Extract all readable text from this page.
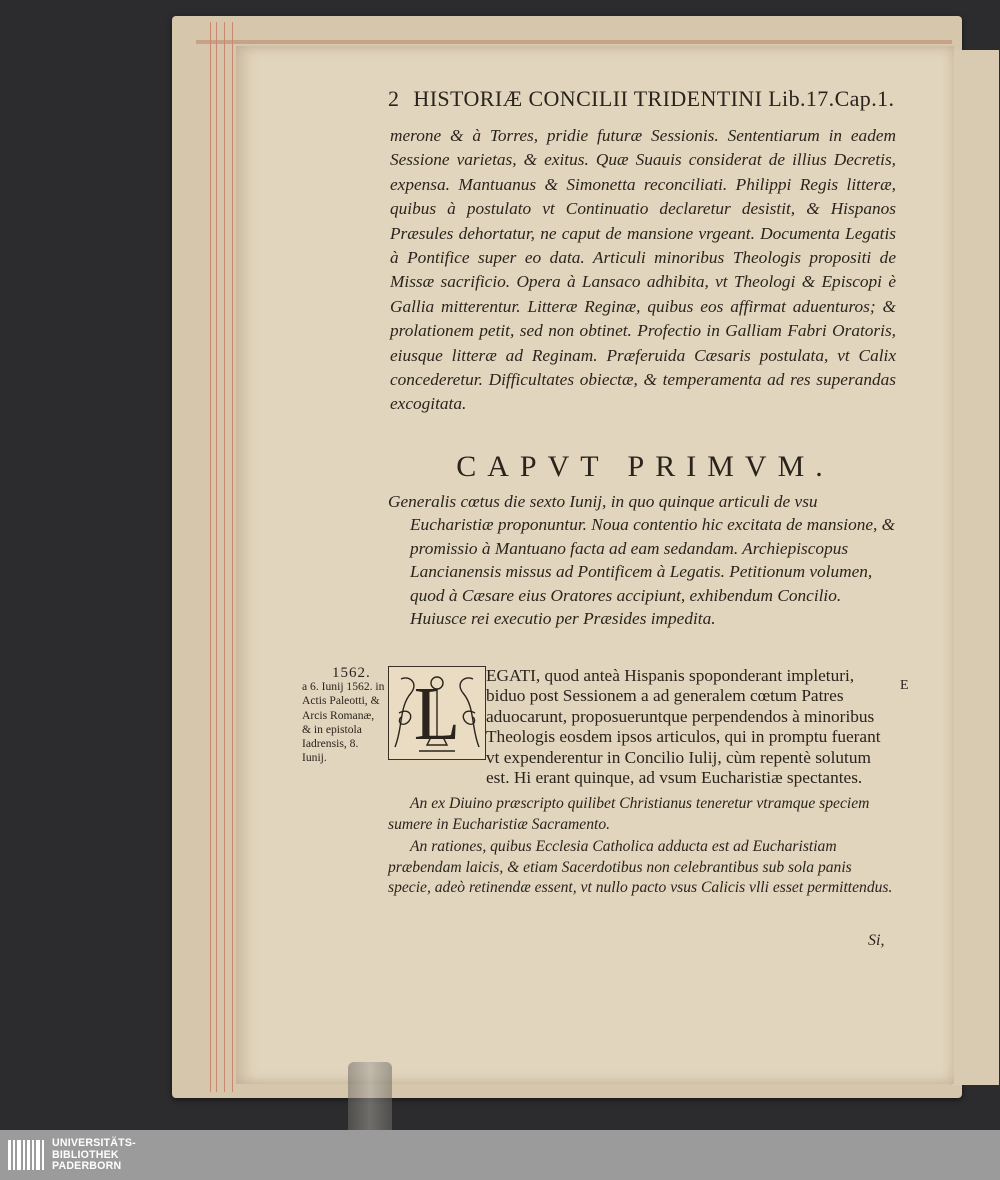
2 HISTORIÆ CONCILII TRIDENTINI Lib.17.Cap.1.
merone & à Torres, pridie futuræ Sessionis. Sententiarum in eadem Sessione varietas, & exitus. Quæ Suauis considerat de illius Decretis, expensa. Mantuanus & Simonetta reconciliati. Philippi Regis litteræ, quibus à postulato vt Continuatio declaretur desistit, & Hispanos Præsules dehortatur, ne caput de mansione vrgeant. Documenta Legatis à Pontifice super eo data. Articuli minoribus Theologis propositi de Missæ sacrificio. Opera à Lansaco adhibita, vt Theologi & Episcopi è Gallia mitterentur. Litteræ Reginæ, quibus eos affirmat aduenturos; & prolationem petit, sed non obtinet. Profectio in Galliam Fabri Oratoris, eiusque litteræ ad Reginam. Præferuida Cæsaris postulata, vt Calix concederetur. Difficultates obiectæ, & temperamenta ad res superandas excogitata.
CAPVT PRIMVM.
Generalis cœtus die sexto Iunij, in quo quinque articuli de vsu
Eucharistiæ proponuntur. Noua contentio hic excitata de mansione, & promissio à Mantuano facta ad eam sedandam. Archiepiscopus Lancianensis missus ad Pontificem à Legatis. Petitionum volumen, quod à Cæsare eius Oratores accipiunt, exhibendum Concilio. Huiusce rei executio per Præsides impedita.
1562.
a 6. Iunij 1562. in Actis Paleotti, & Arcis Romanæ, & in epistola Iadrensis, 8. Iunij.
EGATI, quod anteà Hispanis spoponderant impleturi, biduo post Sessionem a ad generalem cœtum Patres aduocarunt, proposueruntque perpendendos à minoribus Theologis eosdem ipsos articulos, qui in promptu fuerant vt expenderentur in Concilio Iulij, cùm repentè solutum est. Hi erant quinque, ad vsum Eucharistiæ spectantes.
An ex Diuino præscripto quilibet Christianus teneretur vtramque speciem sumere in Eucharistiæ Sacramento.
An rationes, quibus Ecclesia Catholica adducta est ad Eucharistiam præbendam laicis, & etiam Sacerdotibus non celebrantibus sub sola panis specie, adeò retinendæ essent, vt nullo pacto vsus Calicis vlli esset permittendus.
L
Si,
E
UNIVERSITÄTS-
BIBLIOTHEK
PADERBORN
